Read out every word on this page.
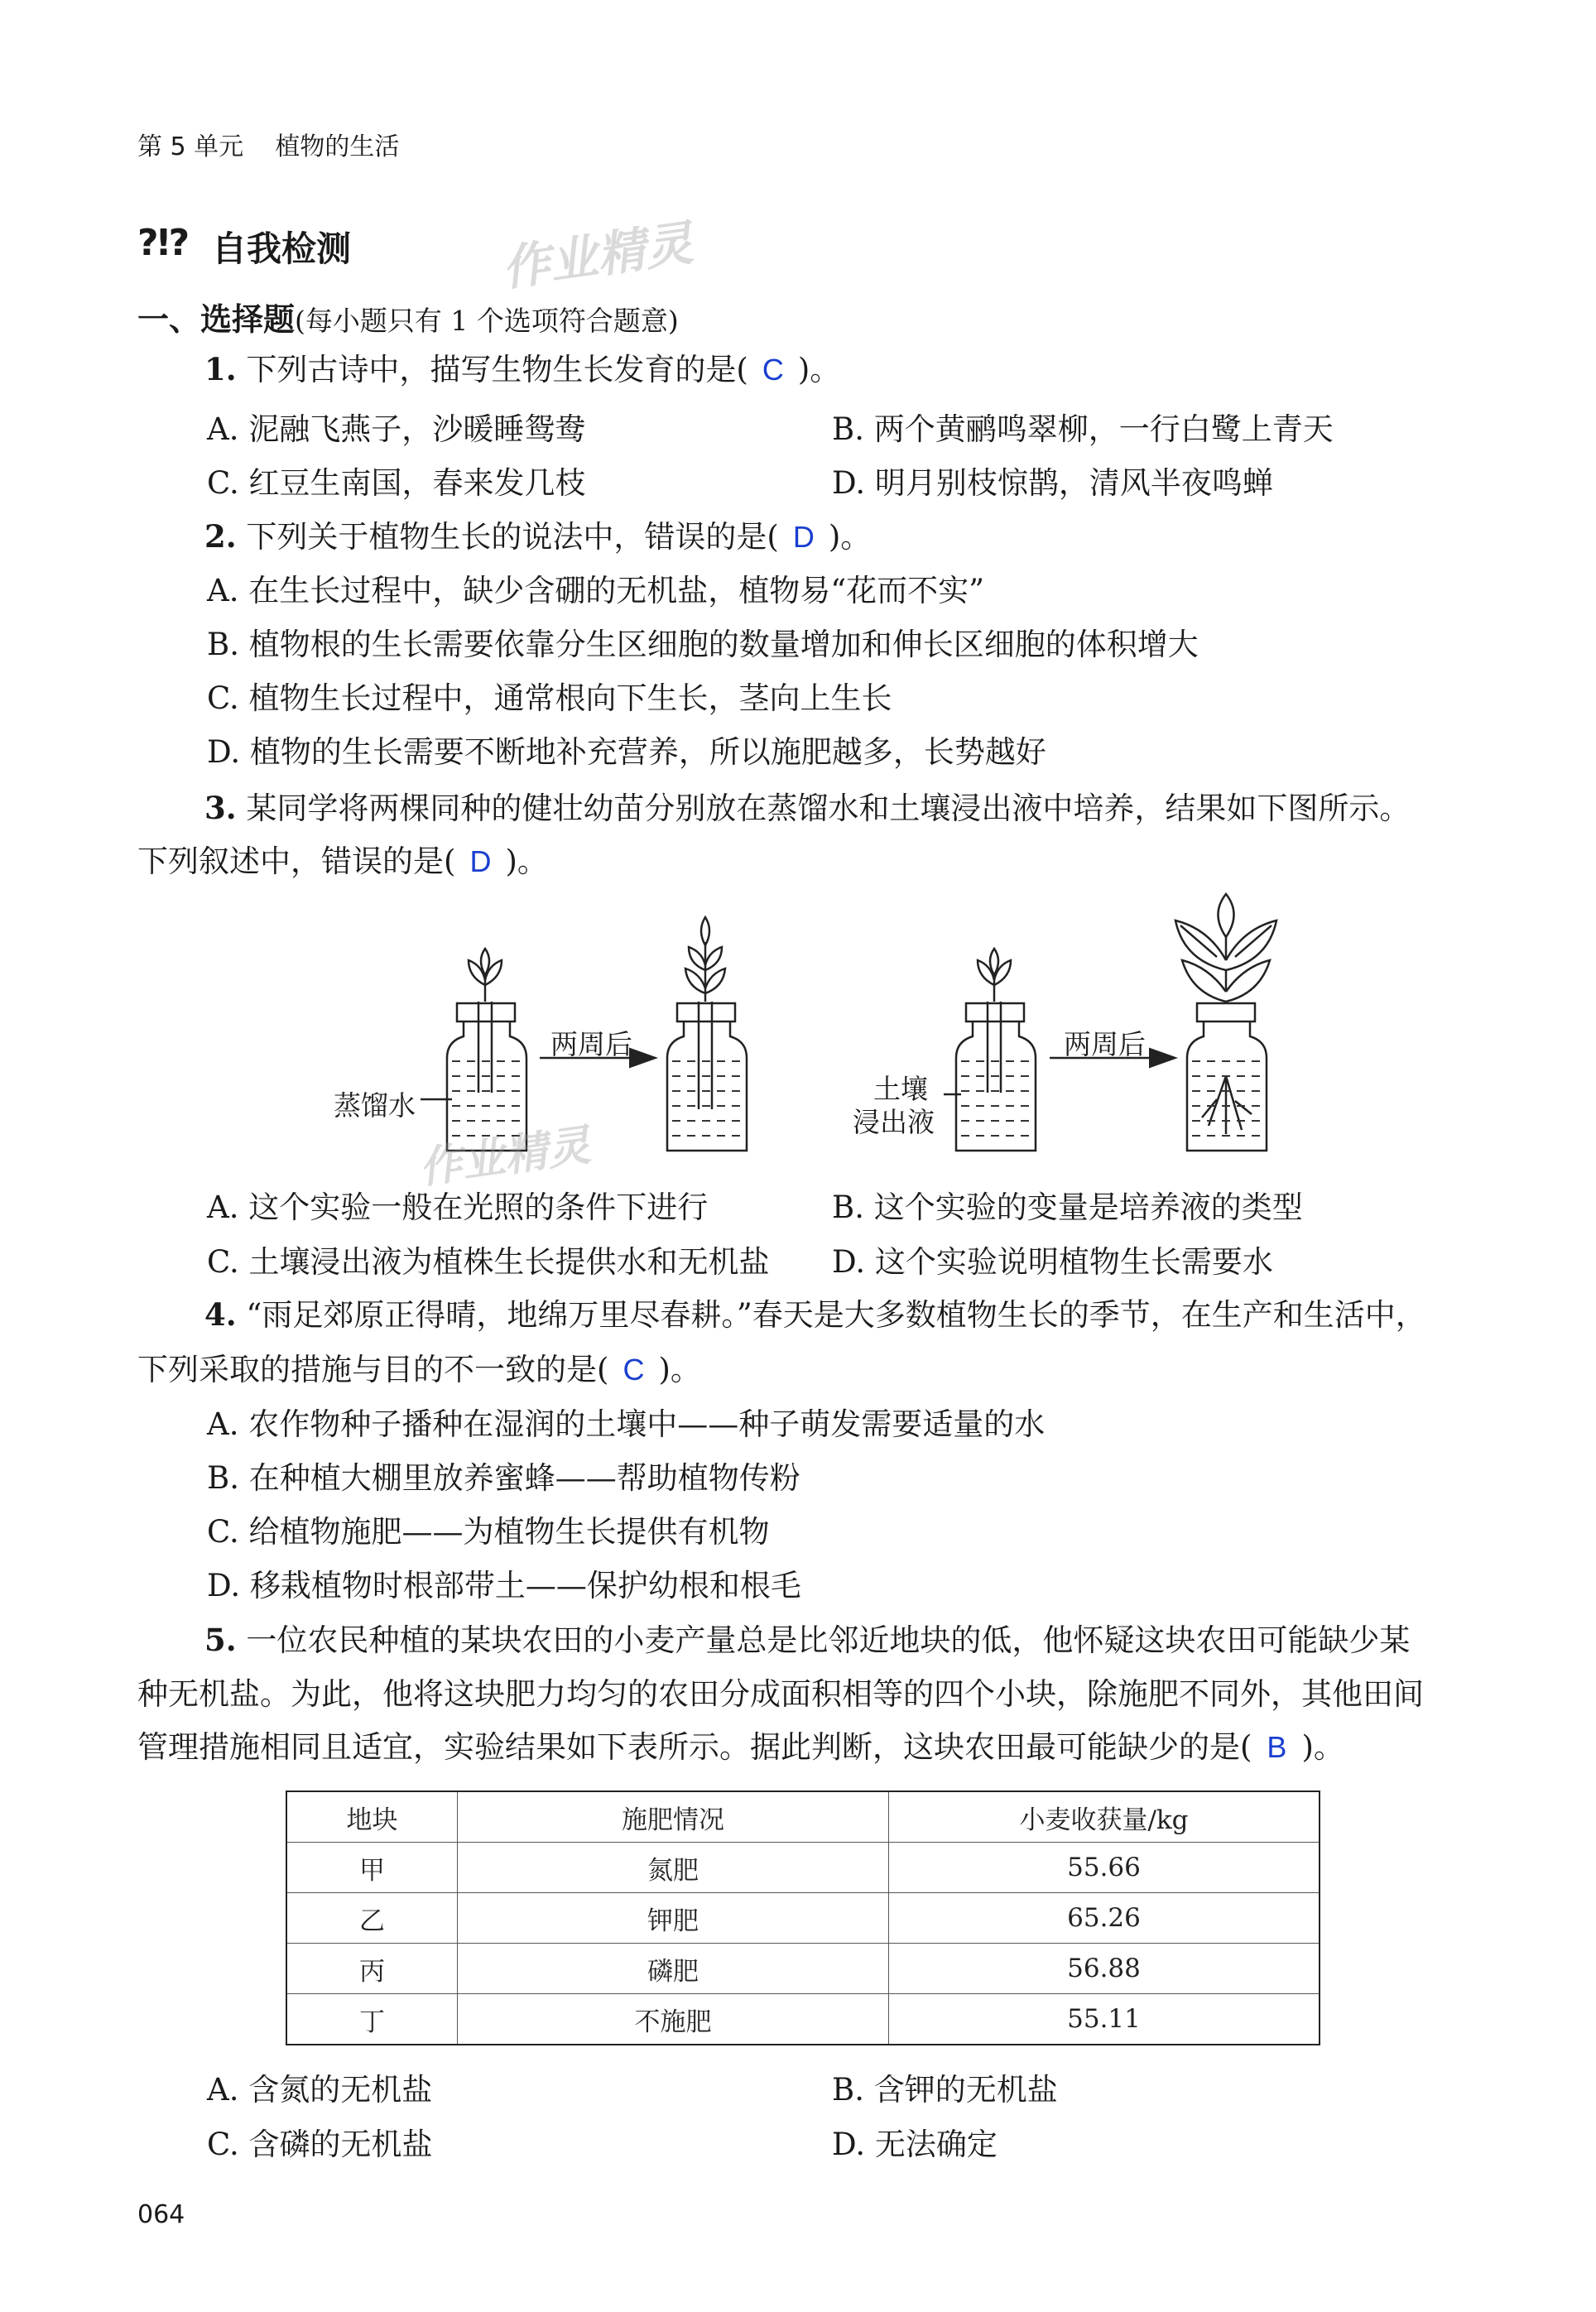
第 5 单元 植物的生活
?!? 自我检测	作业精灵
一、选择题(每小题只有 1 个选项符合题意)
1. 下列古诗中，描写生物生长发育的是( C )。
A. 泥融飞燕子，沙暖睡鸳鸯	B. 两个黄鹂鸣翠柳，一行白鹭上青天
C. 红豆生南国，春来发几枝	D. 明月别枝惊鹊，清风半夜鸣蝉
2. 下列关于植物生长的说法中，错误的是( D )。
A. 在生长过程中，缺少含硼的无机盐，植物易“花而不实”
B. 植物根的生长需要依靠分生区细胞的数量增加和伸长区细胞的体积增大
C. 植物生长过程中，通常根向下生长，茎向上生长
D. 植物的生长需要不断地补充营养，所以施肥越多，长势越好
3. 某同学将两棵同种的健壮幼苗分别放在蒸馏水和土壤浸出液中培养，结果如下图所示。
下列叙述中，错误的是( D )。
两周后	两周后
蒸馏水
土壤
浸出液
作业精灵
A. 这个实验一般在光照的条件下进行	B. 这个实验的变量是培养液的类型
C. 土壤浸出液为植株生长提供水和无机盐 D. 这个实验说明植物生长需要水
4. “雨足郊原正得晴，地绵万里尽春耕。”春天是大多数植物生长的季节，在生产和生活中，
下列采取的措施与目的不一致的是( C )。
A. 农作物种子播种在湿润的土壤中——种子萌发需要适量的水
B. 在种植大棚里放养蜜蜂——帮助植物传粉
C. 给植物施肥——为植物生长提供有机物
D. 移栽植物时根部带土——保护幼根和根毛
5. 一位农民种植的某块农田的小麦产量总是比邻近地块的低，他怀疑这块农田可能缺少某
种无机盐。为此，他将这块肥力均匀的农田分成面积相等的四个小块，除施肥不同外，其他田间
管理措施相同且适宜，实验结果如下表所示。据此判断，这块农田最可能缺少的是( B )。
地块	施肥情况	小麦收获量/kg
甲	氮肥	55.66
乙	钾肥	65.26
丙	磷肥	56.88
丁	不施肥	55.11
A. 含氮的无机盐	B. 含钾的无机盐
C. 含磷的无机盐	D. 无法确定
064
